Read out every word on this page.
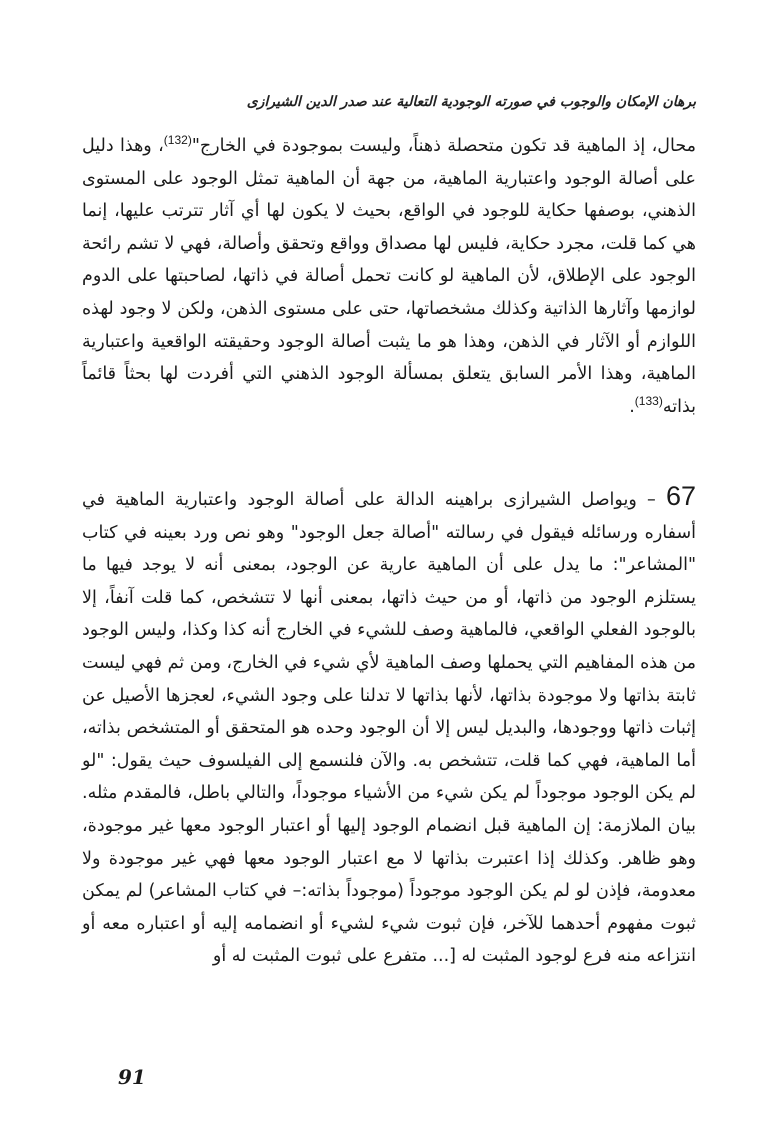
برهان الإمكان والوجوب في صورته الوجودية التعالية عند صدر الدين الشيرازى
محال، إذ الماهية قد تكون متحصلة ذهناً، وليست بموجودة في الخارج"$^{(132)}$، وهذا دليل على أصالة الوجود واعتبارية الماهية، من جهة أن الماهية تمثل الوجود على المستوى الذهني، بوصفها حكاية للوجود في الواقع، بحيث لا يكون لها أي آثار تترتب عليها، إنما هي كما قلت، مجرد حكاية، فليس لها مصداق وواقع وتحقق وأصالة، فهي لا تشم رائحة الوجود على الإطلاق، لأن الماهية لو كانت تحمل أصالة في ذاتها، لصاحبتها على الدوم لوازمها وآثارها الذاتية وكذلك مشخصاتها، حتى على مستوى الذهن، ولكن لا وجود لهذه اللوازم أو الآثار في الذهن، وهذا هو ما يثبت أصالة الوجود وحقيقته الواقعية واعتبارية الماهية، وهذا الأمر السابق يتعلق بمسألة الوجود الذهني التي أفردت لها بحثاً قائماً بذاته$^{(133)}$.
67 – ويواصل الشيرازى براهينه الدالة على أصالة الوجود واعتبارية الماهية في أسفاره ورسائله فيقول في رسالته "أصالة جعل الوجود" وهو نص ورد بعينه في كتاب "المشاعر": ما يدل على أن الماهية عارية عن الوجود، بمعنى أنه لا يوجد فيها ما يستلزم الوجود من ذاتها، أو من حيث ذاتها، بمعنى أنها لا تتشخص، كما قلت آنفاً، إلا بالوجود الفعلي الواقعي، فالماهية وصف للشيء في الخارج أنه كذا وكذا، وليس الوجود من هذه المفاهيم التي يحملها وصف الماهية لأي شيء في الخارج، ومن ثم فهي ليست ثابتة بذاتها ولا موجودة بذاتها، لأنها بذاتها لا تدلنا على وجود الشيء، لعجزها الأصيل عن إثبات ذاتها ووجودها، والبديل ليس إلا أن الوجود وحده هو المتحقق أو المتشخص بذاته، أما الماهية، فهي كما قلت، تتشخص به. والآن فلنسمع إلى الفيلسوف حيث يقول: "لو لم يكن الوجود موجوداً لم يكن شيء من الأشياء موجوداً، والتالي باطل، فالمقدم مثله. بيان الملازمة: إن الماهية قبل انضمام الوجود إليها أو اعتبار الوجود معها غير موجودة، وهو ظاهر. وكذلك إذا اعتبرت بذاتها لا مع اعتبار الوجود معها فهي غير موجودة ولا معدومة، فإذن لو لم يكن الوجود موجوداً (موجوداً بذاته:– في كتاب المشاعر) لم يمكن ثبوت مفهوم أحدهما للآخر، فإن ثبوت شيء لشيء أو انضمامه إليه أو اعتباره معه أو انتزاعه منه فرع لوجود المثبت له [... متفرع على ثبوت المثبت له أو
91
